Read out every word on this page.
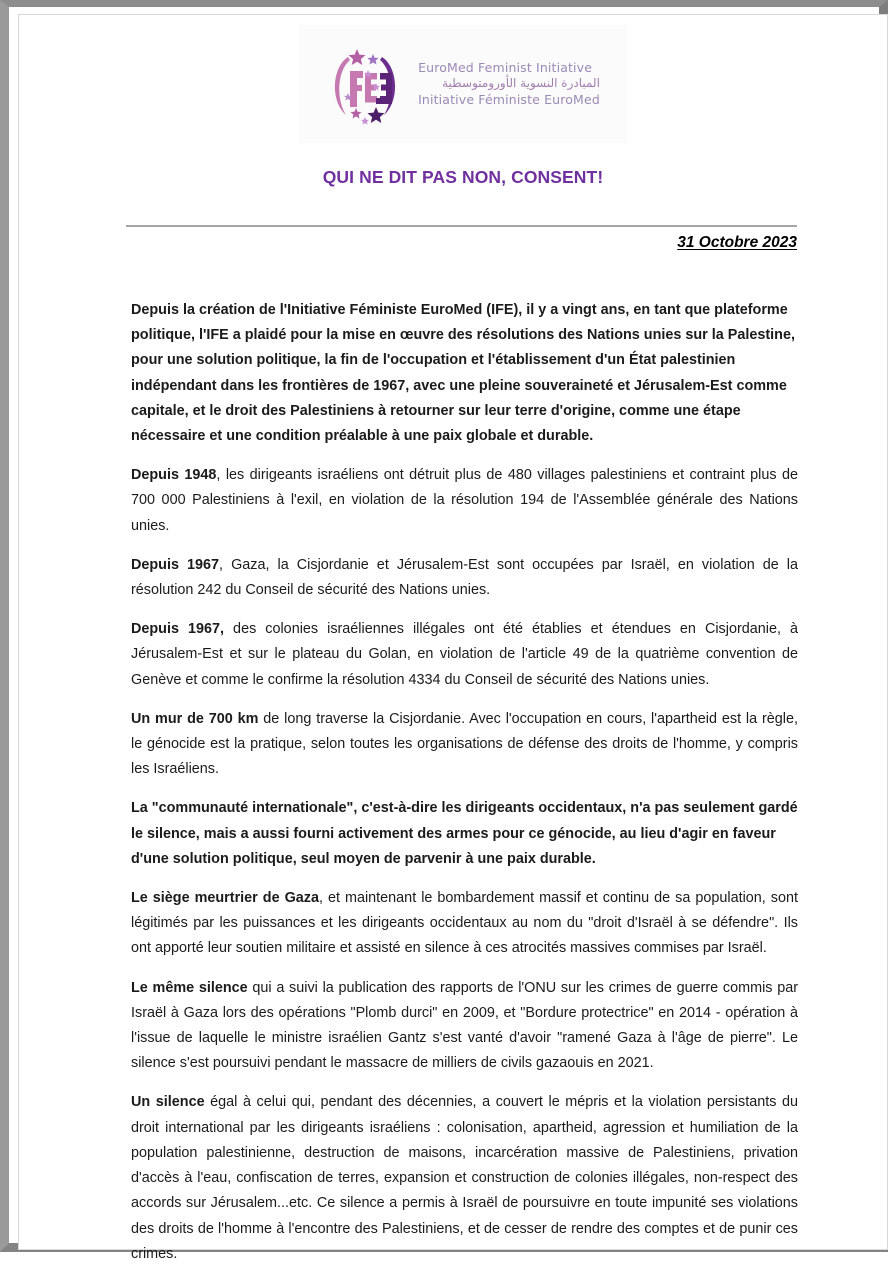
EuroMed Feminist Initiative
المبادرة النسوية الأورومتوسطية
Initiative Féministe EuroMed
QUI NE DIT PAS NON, CONSENT!
31 Octobre 2023

Depuis la création de l'Initiative Féministe EuroMed (IFE), il y a vingt ans, en tant que plateforme politique, l'IFE a plaidé pour la mise en œuvre des résolutions des Nations unies sur la Palestine, pour une solution politique, la fin de l'occupation et l'établissement d'un État palestinien indépendant dans les frontières de 1967, avec une pleine souveraineté et Jérusalem-Est comme capitale, et le droit des Palestiniens à retourner sur leur terre d'origine, comme une étape nécessaire et une condition préalable à une paix globale et durable.

Depuis 1948, les dirigeants israéliens ont détruit plus de 480 villages palestiniens et contraint plus de 700 000 Palestiniens à l'exil, en violation de la résolution 194 de l'Assemblée générale des Nations unies.

Depuis 1967, Gaza, la Cisjordanie et Jérusalem-Est sont occupées par Israël, en violation de la résolution 242 du Conseil de sécurité des Nations unies.

Depuis 1967, des colonies israéliennes illégales ont été établies et étendues en Cisjordanie, à Jérusalem-Est et sur le plateau du Golan, en violation de l'article 49 de la quatrième convention de Genève et comme le confirme la résolution 4334 du Conseil de sécurité des Nations unies.

Un mur de 700 km de long traverse la Cisjordanie. Avec l'occupation en cours, l'apartheid est la règle, le génocide est la pratique, selon toutes les organisations de défense des droits de l'homme, y compris les Israéliens.

La "communauté internationale", c'est-à-dire les dirigeants occidentaux, n'a pas seulement gardé le silence, mais a aussi fourni activement des armes pour ce génocide, au lieu d'agir en faveur d'une solution politique, seul moyen de parvenir à une paix durable.

Le siège meurtrier de Gaza, et maintenant le bombardement massif et continu de sa population, sont légitimés par les puissances et les dirigeants occidentaux au nom du "droit d'Israël à se défendre". Ils ont apporté leur soutien militaire et assisté en silence à ces atrocités massives commises par Israël.

Le même silence qui a suivi la publication des rapports de l'ONU sur les crimes de guerre commis par Israël à Gaza lors des opérations "Plomb durci" en 2009, et "Bordure protectrice" en 2014 - opération à l'issue de laquelle le ministre israélien Gantz s'est vanté d'avoir "ramené Gaza à l'âge de pierre". Le silence s'est poursuivi pendant le massacre de milliers de civils gazaouis en 2021.

Un silence égal à celui qui, pendant des décennies, a couvert le mépris et la violation persistants du droit international par les dirigeants israéliens : colonisation, apartheid, agression et humiliation de la population palestinienne, destruction de maisons, incarcération massive de Palestiniens, privation d'accès à l'eau, confiscation de terres, expansion et construction de colonies illégales, non-respect des accords sur Jérusalem...etc. Ce silence a permis à Israël de poursuivre en toute impunité ses violations des droits de l'homme à l'encontre des Palestiniens, et de cesser de rendre des comptes et de punir ces crimes.
